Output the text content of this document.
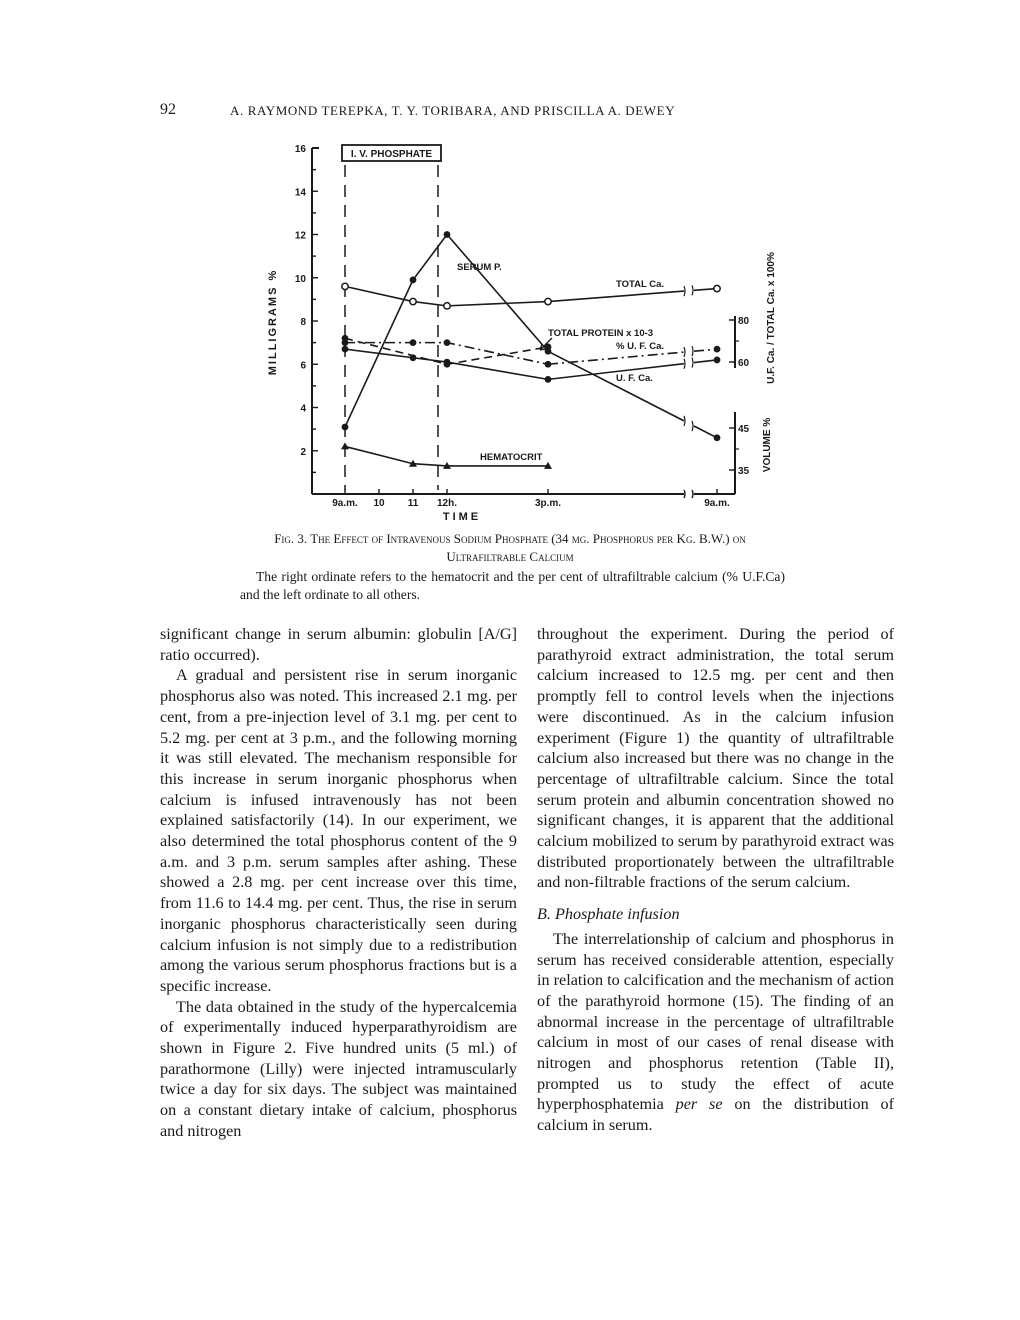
92	A. RAYMOND TEREPKA, T. Y. TORIBARA, AND PRISCILLA A. DEWEY
2
4
6
8
10
12
14
16
MILLIGRAMS %
9a.m. 10 11 12h.	3p.m.	9a.m.
TIME
60
80
35
45
U.F. Ca. / TOTAL Ca. x 100%
VOLUME %
I. V. PHOSPHATE
SERUM P.
TOTAL Ca.
TOTAL PROTEIN x 10-3
% U. F. Ca.
U. F. Ca.
HEMATOCRIT
Fig. 3. The Effect of Intravenous Sodium Phosphate (34 mg. Phosphorus per Kg. B.W.) on Ultrafiltrable Calcium
The right ordinate refers to the hematocrit and the per cent of ultrafiltrable calcium (% U.F.Ca) and the left ordinate to all others.

significant change in serum albumin: globulin [A/G] ratio occurred).

A gradual and persistent rise in serum inorganic phosphorus also was noted. This increased 2.1 mg. per cent, from a pre-injection level of 3.1 mg. per cent to 5.2 mg. per cent at 3 p.m., and the following morning it was still elevated. The mechanism responsible for this increase in serum inorganic phosphorus when calcium is infused intravenously has not been explained satisfactorily (14). In our experiment, we also determined the total phosphorus content of the 9 a.m. and 3 p.m. serum samples after ashing. These showed a 2.8 mg. per cent increase over this time, from 11.6 to 14.4 mg. per cent. Thus, the rise in serum inorganic phosphorus characteristically seen during calcium infusion is not simply due to a redistribution among the various serum phosphorus fractions but is a specific increase.

The data obtained in the study of the hypercalcemia of experimentally induced hyperparathyroidism are shown in Figure 2. Five hundred units (5 ml.) of parathormone (Lilly) were injected intramuscularly twice a day for six days. The subject was maintained on a constant dietary intake of calcium, phosphorus and nitrogen

throughout the experiment. During the period of parathyroid extract administration, the total serum calcium increased to 12.5 mg. per cent and then promptly fell to control levels when the injections were discontinued. As in the calcium infusion experiment (Figure 1) the quantity of ultrafiltrable calcium also increased but there was no change in the percentage of ultrafiltrable calcium. Since the total serum protein and albumin concentration showed no significant changes, it is apparent that the additional calcium mobilized to serum by parathyroid extract was distributed proportionately between the ultrafiltrable and non-filtrable fractions of the serum calcium.

B. Phosphate infusion

The interrelationship of calcium and phosphorus in serum has received considerable attention, especially in relation to calcification and the mechanism of action of the parathyroid hormone (15). The finding of an abnormal increase in the percentage of ultrafiltrable calcium in most of our cases of renal disease with nitrogen and phosphorus retention (Table II), prompted us to study the effect of acute hyperphosphatemia per se on the distribution of calcium in serum.
